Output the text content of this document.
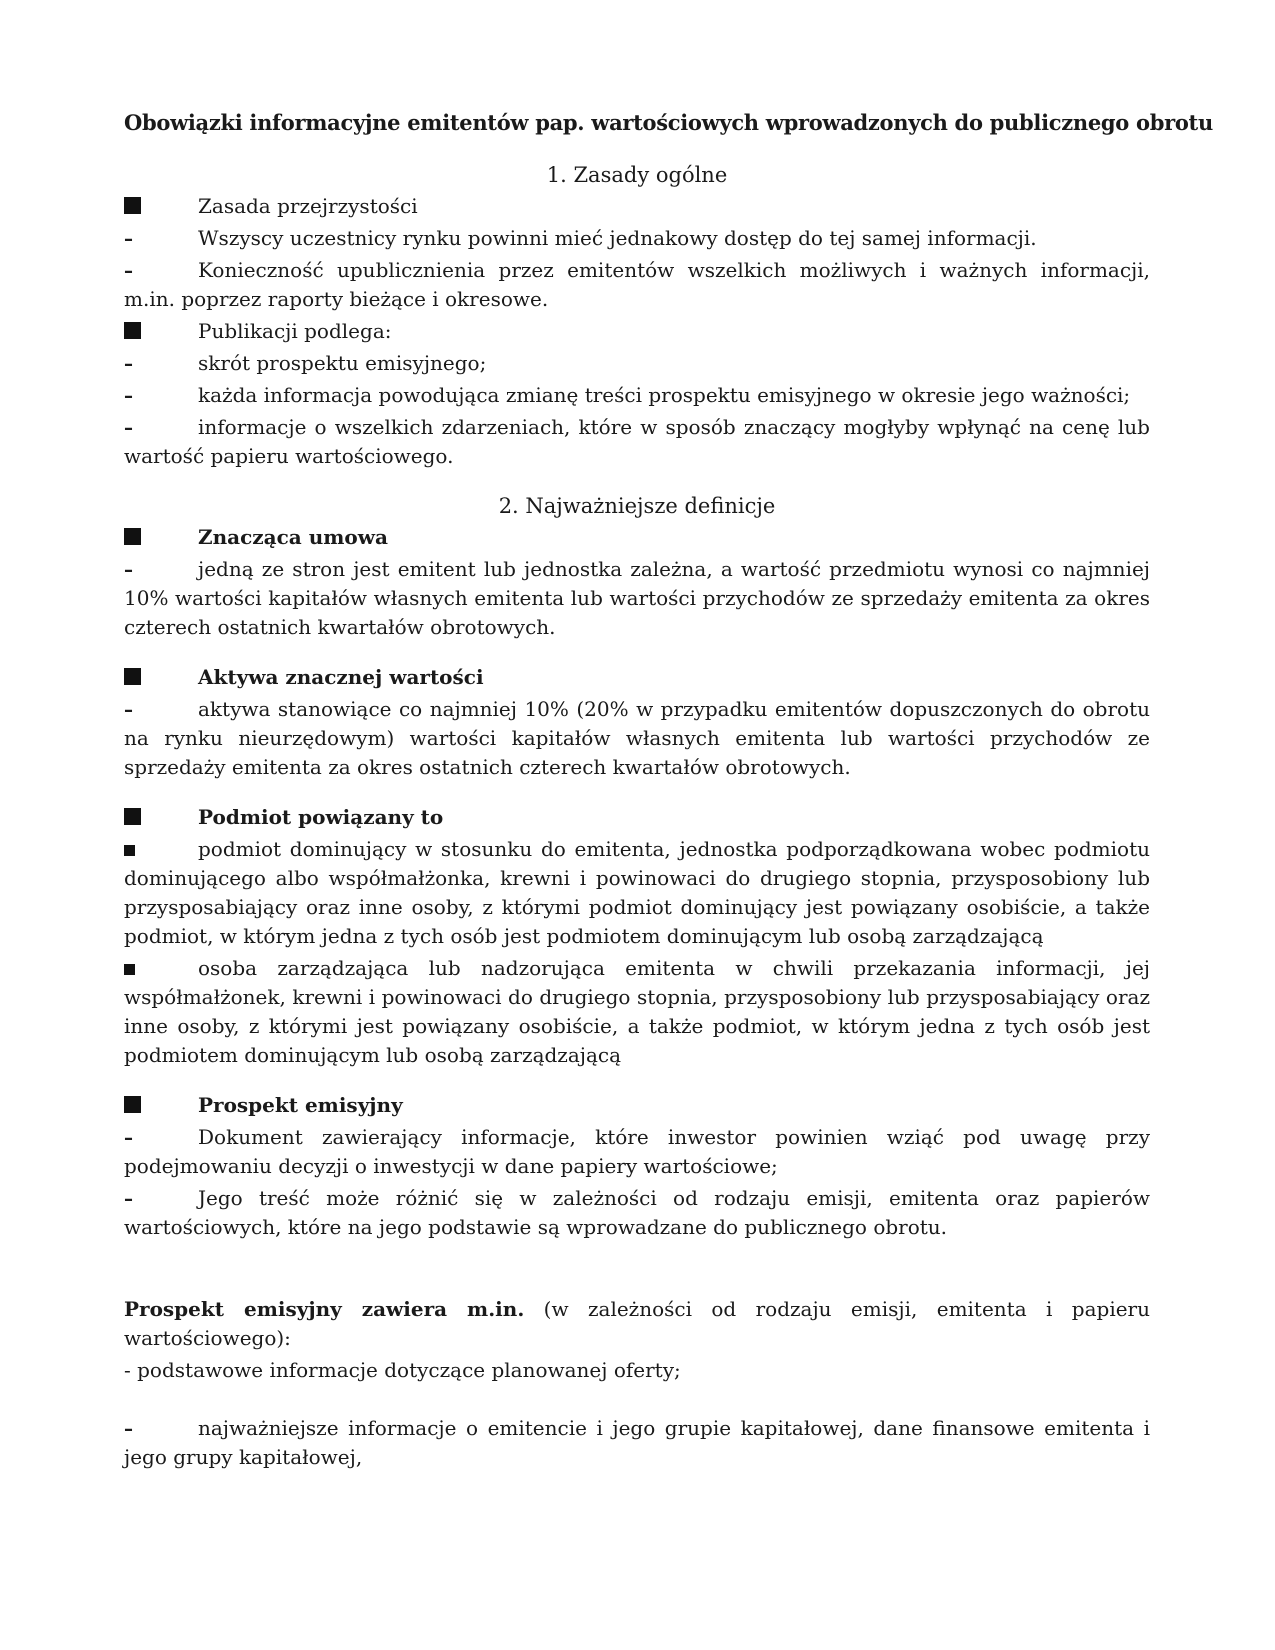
Obowiązki informacyjne emitentów pap. wartościowych wprowadzonych do publicznego obrotu
1. Zasady ogólne
Zasada przejrzystości
–	Wszyscy uczestnicy rynku powinni mieć jednakowy dostęp do tej samej informacji.
–	Konieczność upublicznienia przez emitentów wszelkich możliwych i ważnych informacji, m.in. poprzez raporty bieżące i okresowe.
Publikacji podlega:
–	skrót prospektu emisyjnego;
–	każda informacja powodująca zmianę treści prospektu emisyjnego w okresie jego ważności;
–	informacje o wszelkich zdarzeniach, które w sposób znaczący mogłyby wpłynąć na cenę lub wartość papieru wartościowego.
2. Najważniejsze definicje
Znacząca umowa
–	jedną ze stron jest emitent lub jednostka zależna, a wartość przedmiotu wynosi co najmniej 10% wartości kapitałów własnych emitenta lub wartości przychodów ze sprzedaży emitenta za okres czterech ostatnich kwartałów obrotowych.
Aktywa znacznej wartości
–	aktywa stanowiące co najmniej 10% (20% w przypadku emitentów dopuszczonych do obrotu na rynku nieurzędowym) wartości kapitałów własnych emitenta lub wartości przychodów ze sprzedaży emitenta za okres ostatnich czterech kwartałów obrotowych.
Podmiot powiązany to
podmiot dominujący w stosunku do emitenta, jednostka podporządkowana wobec podmiotu dominującego albo współmałżonka, krewni i powinowaci do drugiego stopnia, przysposobiony lub przysposabiający oraz inne osoby, z którymi podmiot dominujący jest powiązany osobiście, a także podmiot, w którym jedna z tych osób jest podmiotem dominującym lub osobą zarządzającą
osoba zarządzająca lub nadzorująca emitenta w chwili przekazania informacji, jej współmałżonek, krewni i powinowaci do drugiego stopnia, przysposobiony lub przysposabiający oraz inne osoby, z którymi jest powiązany osobiście, a także podmiot, w którym jedna z tych osób jest podmiotem dominującym lub osobą zarządzającą
Prospekt emisyjny
–	Dokument zawierający informacje, które inwestor powinien wziąć pod uwagę przy podejmowaniu decyzji o inwestycji w dane papiery wartościowe;
–	Jego treść może różnić się w zależności od rodzaju emisji, emitenta oraz papierów wartościowych, które na jego podstawie są wprowadzane do publicznego obrotu.
Prospekt emisyjny zawiera m.in. (w zależności od rodzaju emisji, emitenta i papieru wartościowego):
- podstawowe informacje dotyczące planowanej oferty;
–	najważniejsze informacje o emitencie i jego grupie kapitałowej, dane finansowe emitenta i jego grupy kapitałowej,
